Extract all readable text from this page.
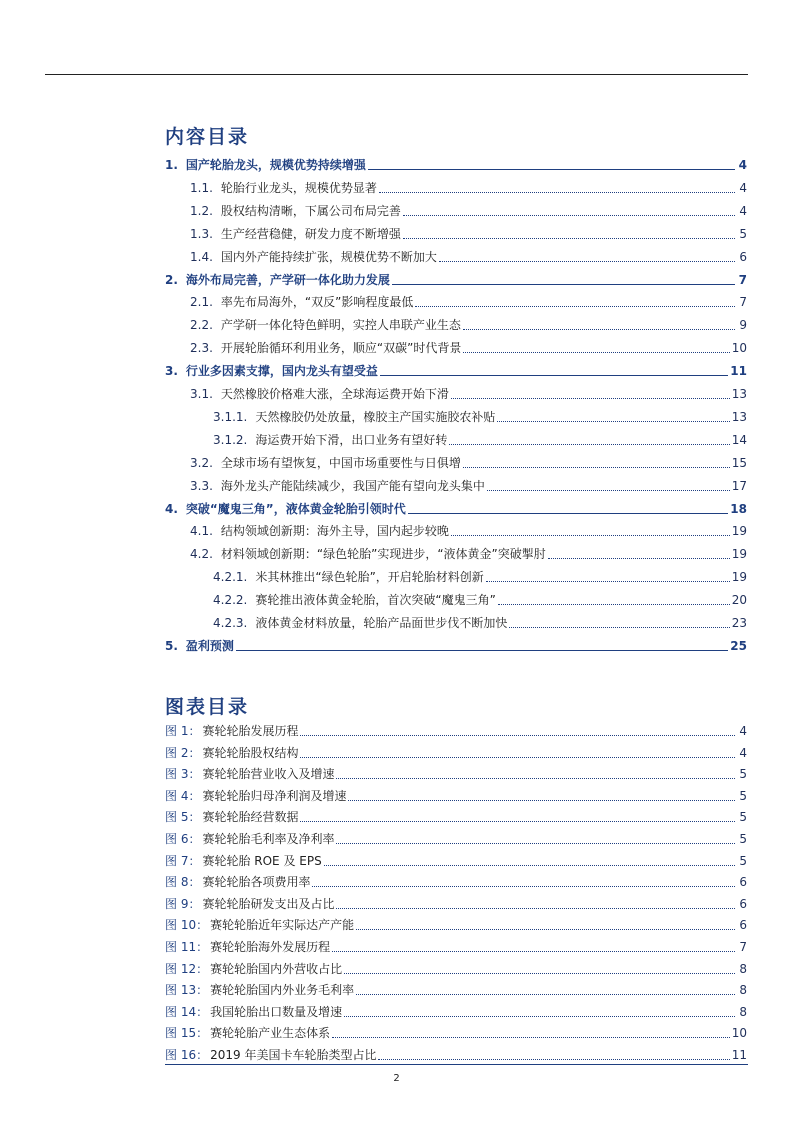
内容目录
1. 国产轮胎龙头，规模优势持续增强	4
1.1. 轮胎行业龙头，规模优势显著	4
1.2. 股权结构清晰，下属公司布局完善	4
1.3. 生产经营稳健，研发力度不断增强	5
1.4. 国内外产能持续扩张，规模优势不断加大	6
2. 海外布局完善，产学研一体化助力发展	7
2.1. 率先布局海外，“双反”影响程度最低	7
2.2. 产学研一体化特色鲜明，实控人串联产业生态	9
2.3. 开展轮胎循环利用业务，顺应“双碳”时代背景	10
3. 行业多因素支撑，国内龙头有望受益	11
3.1. 天然橡胶价格难大涨，全球海运费开始下滑	13
3.1.1. 天然橡胶仍处放量，橡胶主产国实施胶农补贴	13
3.1.2. 海运费开始下滑，出口业务有望好转	14
3.2. 全球市场有望恢复，中国市场重要性与日俱增	15
3.3. 海外龙头产能陆续减少，我国产能有望向龙头集中	17
4. 突破“魔鬼三角”，液体黄金轮胎引领时代	18
4.1. 结构领域创新期：海外主导，国内起步较晚	19
4.2. 材料领域创新期：“绿色轮胎”实现进步，“液体黄金”突破掣肘	19
4.2.1. 米其林推出“绿色轮胎”，开启轮胎材料创新	19
4.2.2. 赛轮推出液体黄金轮胎，首次突破“魔鬼三角”	20
4.2.3. 液体黄金材料放量，轮胎产品面世步伐不断加快	23
5. 盈利预测	25
图表目录
图 1： 赛轮轮胎发展历程	4
图 2： 赛轮轮胎股权结构	4
图 3： 赛轮轮胎营业收入及增速	5
图 4： 赛轮轮胎归母净利润及增速	5
图 5： 赛轮轮胎经营数据	5
图 6： 赛轮轮胎毛利率及净利率	5
图 7： 赛轮轮胎 ROE 及 EPS	5
图 8： 赛轮轮胎各项费用率	6
图 9： 赛轮轮胎研发支出及占比	6
图 10： 赛轮轮胎近年实际达产产能	6
图 11： 赛轮轮胎海外发展历程	7
图 12： 赛轮轮胎国内外营收占比	8
图 13： 赛轮轮胎国内外业务毛利率	8
图 14： 我国轮胎出口数量及增速	8
图 15： 赛轮轮胎产业生态体系	10
图 16： 2019 年美国卡车轮胎类型占比	11
2
